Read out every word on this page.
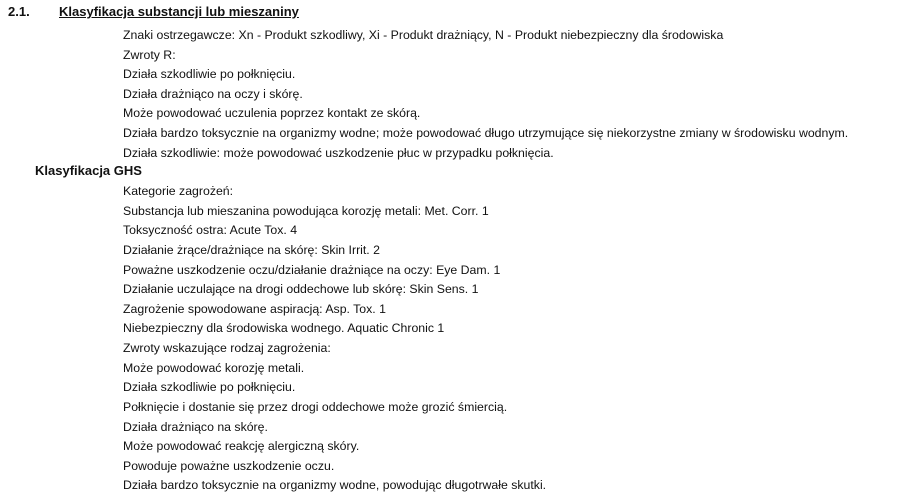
2.1. Klasyfikacja substancji lub mieszaniny
Znaki ostrzegawcze: Xn - Produkt szkodliwy, Xi - Produkt drażniący, N - Produkt niebezpieczny dla środowiska
Zwroty R:
Działa szkodliwie po połknięciu.
Działa drażniąco na oczy i skórę.
Może powodować uczulenia poprzez kontakt ze skórą.
Działa bardzo toksycznie na organizmy wodne; może powodować długo utrzymujące się niekorzystne zmiany w środowisku wodnym.
Działa szkodliwie: może powodować uszkodzenie płuc w przypadku połknięcia.
Klasyfikacja GHS
Kategorie zagrożeń:
Substancja lub mieszanina powodująca korozję metali: Met. Corr. 1
Toksyczność ostra: Acute Tox. 4
Działanie żrące/drażniące na skórę: Skin Irrit. 2
Poważne uszkodzenie oczu/działanie drażniące na oczy: Eye Dam. 1
Działanie uczulające na drogi oddechowe lub skórę: Skin Sens. 1
Zagrożenie spowodowane aspiracją: Asp. Tox. 1
Niebezpieczny dla środowiska wodnego. Aquatic Chronic 1
Zwroty wskazujące rodzaj zagrożenia:
Może powodować korozję metali.
Działa szkodliwie po połknięciu.
Połknięcie i dostanie się przez drogi oddechowe może grozić śmiercią.
Działa drażniąco na skórę.
Może powodować reakcję alergiczną skóry.
Powoduje poważne uszkodzenie oczu.
Działa bardzo toksycznie na organizmy wodne, powodując długotrwałe skutki.
